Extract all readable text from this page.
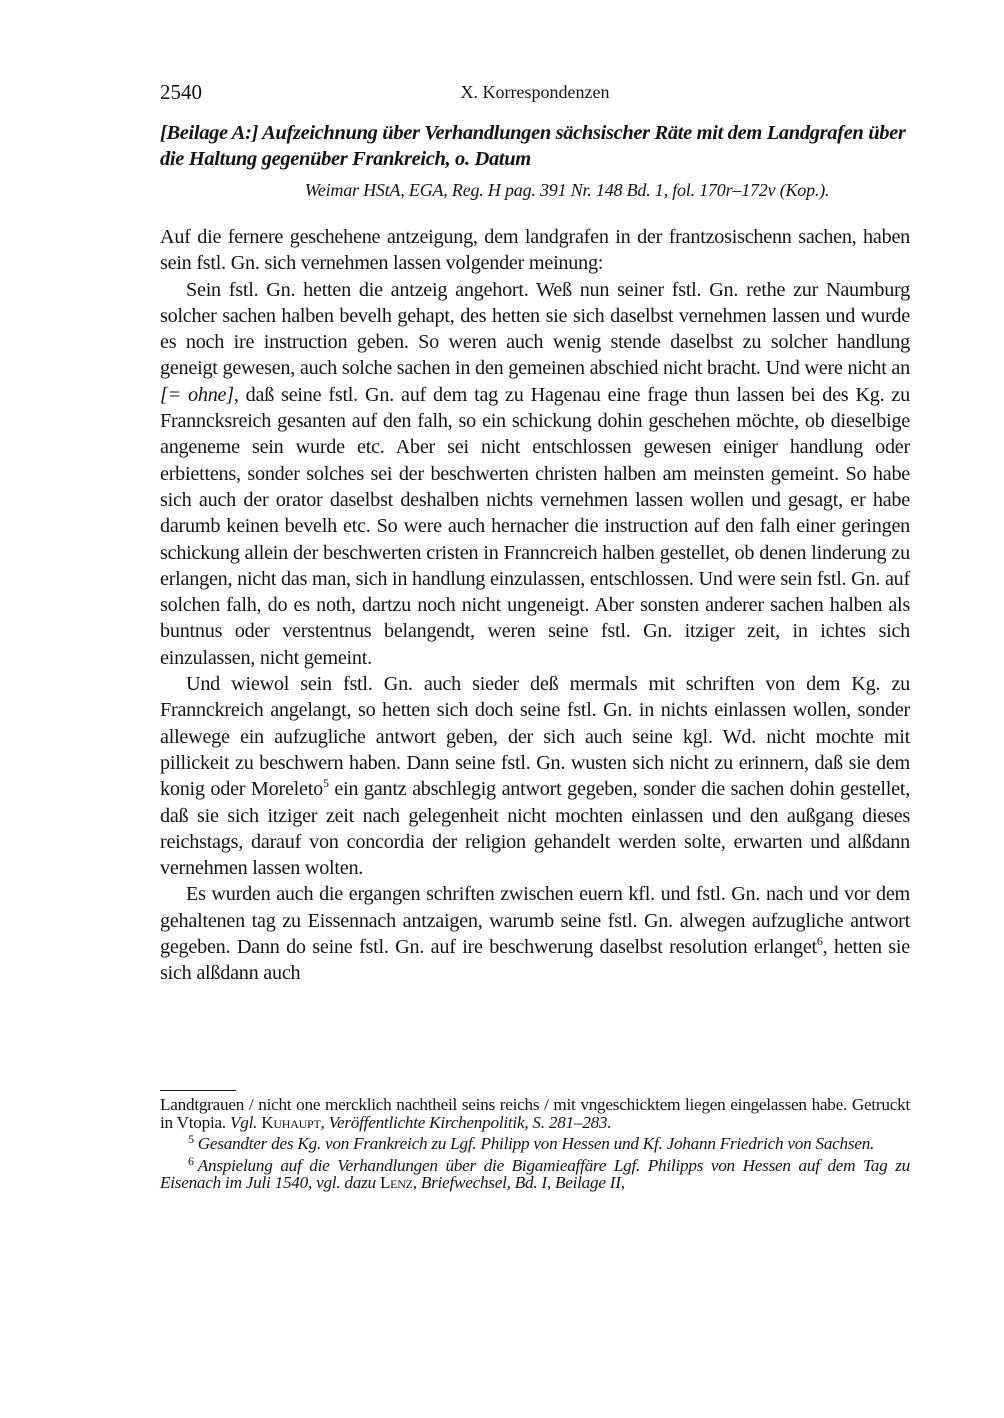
2540	X. Korrespondenzen
[Beilage A:] Aufzeichnung über Verhandlungen sächsischer Räte mit dem Landgrafen über die Haltung gegenüber Frankreich, o. Datum
Weimar HStA, EGA, Reg. H pag. 391 Nr. 148 Bd. 1, fol. 170r–172v (Kop.).

Auf die fernere geschehene antzeigung, dem landgrafen in der frantzosischenn sachen, haben sein fstl. Gn. sich vernehmen lassen volgender meinung:

Sein fstl. Gn. hetten die antzeig angehort. Weß nun seiner fstl. Gn. rethe zur Naumburg solcher sachen halben bevelh gehapt, des hetten sie sich daselbst vernehmen lassen und wurde es noch ire instruction geben. So weren auch wenig stende daselbst zu solcher handlung geneigt gewesen, auch solche sachen in den gemeinen abschied nicht bracht. Und were nicht an [= ohne], daß seine fstl. Gn. auf dem tag zu Hagenau eine frage thun lassen bei des Kg. zu Franncksreich gesanten auf den falh, so ein schickung dohin geschehen möchte, ob dieselbige angeneme sein wurde etc. Aber sei nicht entschlossen gewesen einiger handlung oder erbiettens, sonder solches sei der beschwerten christen halben am meinsten gemeint. So habe sich auch der orator daselbst deshalben nichts vernehmen lassen wollen und gesagt, er habe darumb keinen bevelh etc. So were auch hernacher die instruction auf den falh einer geringen schickung allein der beschwerten cristen in Franncreich halben gestellet, ob denen linderung zu erlangen, nicht das man, sich in handlung einzulassen, entschlossen. Und were sein fstl. Gn. auf solchen falh, do es noth, dartzu noch nicht ungeneigt. Aber sonsten anderer sachen halben als buntnus oder verstentnus belangendt, weren seine fstl. Gn. itziger zeit, in ichtes sich einzulassen, nicht gemeint.

Und wiewol sein fstl. Gn. auch sieder deß mermals mit schriften von dem Kg. zu Frannckreich angelangt, so hetten sich doch seine fstl. Gn. in nichts einlassen wollen, sonder allewege ein aufzugliche antwort geben, der sich auch seine kgl. Wd. nicht mochte mit pillickeit zu beschwern haben. Dann seine fstl. Gn. wusten sich nicht zu erinnern, daß sie dem konig oder Moreleto$^5$ ein gantz abschlegig antwort gegeben, sonder die sachen dohin gestellet, daß sie sich itziger zeit nach gelegenheit nicht mochten einlassen und den außgang dieses reichstags, darauf von concordia der religion gehandelt werden solte, erwarten und alßdann vernehmen lassen wolten.

Es wurden auch die ergangen schriften zwischen euern kfl. und fstl. Gn. nach und vor dem gehaltenen tag zu Eissennach antzaigen, warumb seine fstl. Gn. alwegen aufzugliche antwort gegeben. Dann do seine fstl. Gn. auf ire beschwerung daselbst resolution erlanget$^6$, hetten sie sich alßdann auch

Landtgrauen / nicht one mercklich nachtheil seins reichs / mit vngeschicktem liegen eingelassen habe. Getruckt in Vtopia. Vgl. Kuhaupt, Veröffentlichte Kirchenpolitik, S. 281–283.

$^5$ Gesandter des Kg. von Frankreich zu Lgf. Philipp von Hessen und Kf. Johann Friedrich von Sachsen.

$^6$ Anspielung auf die Verhandlungen über die Bigamieaffäre Lgf. Philipps von Hessen auf dem Tag zu Eisenach im Juli 1540, vgl. dazu Lenz, Briefwechsel, Bd. I, Beilage II,
